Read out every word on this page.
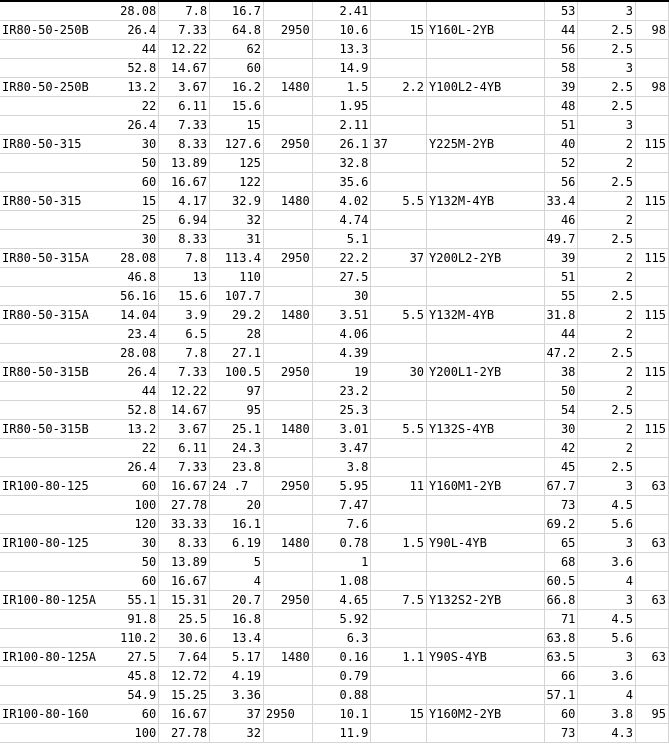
	28.08	7.8	16.7		2.41			53	3	
IR80-50-250B	26.4	7.33	64.8	2950	10.6	15	Y160L-2YB	44	2.5	98
	44	12.22	62		13.3			56	2.5	
	52.8	14.67	60		14.9			58	3	
IR80-50-250B	13.2	3.67	16.2	1480	1.5	2.2	Y100L2-4YB	39	2.5	98
	22	6.11	15.6		1.95			48	2.5	
	26.4	7.33	15		2.11			51	3	
IR80-50-315	30	8.33	127.6	2950	26.1	37	Y225M-2YB	40	2	115
	50	13.89	125		32.8			52	2	
	60	16.67	122		35.6			56	2.5	
IR80-50-315	15	4.17	32.9	1480	4.02	5.5	Y132M-4YB	33.4	2	115
	25	6.94	32		4.74			46	2	
	30	8.33	31		5.1			49.7	2.5	
IR80-50-315A	28.08	7.8	113.4	2950	22.2	37	Y200L2-2YB	39	2	115
	46.8	13	110		27.5			51	2	
	56.16	15.6	107.7		30			55	2.5	
IR80-50-315A	14.04	3.9	29.2	1480	3.51	5.5	Y132M-4YB	31.8	2	115
	23.4	6.5	28		4.06			44	2	
	28.08	7.8	27.1		4.39			47.2	2.5	
IR80-50-315B	26.4	7.33	100.5	2950	19	30	Y200L1-2YB	38	2	115
	44	12.22	97		23.2			50	2	
	52.8	14.67	95		25.3			54	2.5	
IR80-50-315B	13.2	3.67	25.1	1480	3.01	5.5	Y132S-4YB	30	2	115
	22	6.11	24.3		3.47			42	2	
	26.4	7.33	23.8		3.8			45	2.5	
IR100-80-125	60	16.67	24 .7	2950	5.95	11	Y160M1-2YB	67.7	3	63
	100	27.78	20		7.47			73	4.5	
	120	33.33	16.1		7.6			69.2	5.6	
IR100-80-125	30	8.33	6.19	1480	0.78	1.5	Y90L-4YB	65	3	63
	50	13.89	5		1			68	3.6	
	60	16.67	4		1.08			60.5	4	
IR100-80-125A	55.1	15.31	20.7	2950	4.65	7.5	Y132S2-2YB	66.8	3	63
	91.8	25.5	16.8		5.92			71	4.5	
	110.2	30.6	13.4		6.3			63.8	5.6	
IR100-80-125A	27.5	7.64	5.17	1480	0.16	1.1	Y90S-4YB	63.5	3	63
	45.8	12.72	4.19		0.79			66	3.6	
	54.9	15.25	3.36		0.88			57.1	4	
IR100-80-160	60	16.67	37	2950	10.1	15	Y160M2-2YB	60	3.8	95
	100	27.78	32		11.9			73	4.3	
